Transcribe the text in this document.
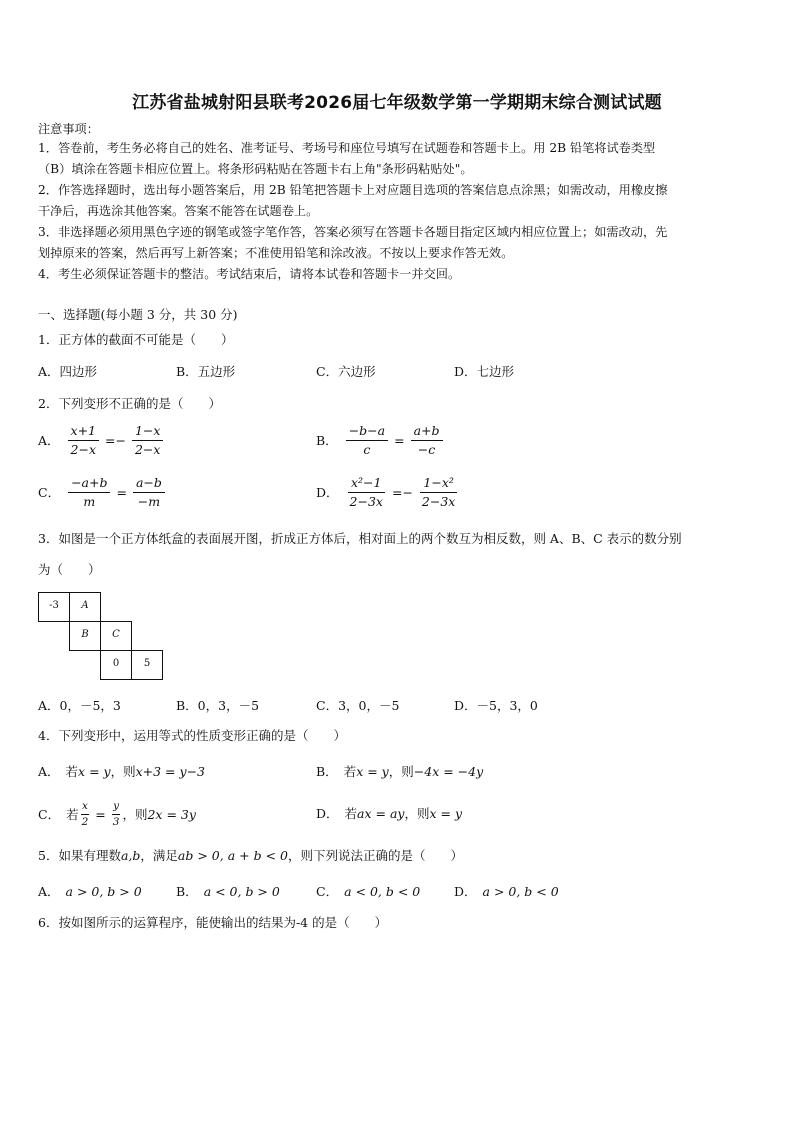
江苏省盐城射阳县联考2026届七年级数学第一学期期末综合测试试题
注意事项：
1．答卷前，考生务必将自己的姓名、准考证号、考场号和座位号填写在试题卷和答题卡上。用 2B 铅笔将试卷类型
（B）填涂在答题卡相应位置上。将条形码粘贴在答题卡右上角"条形码粘贴处"。
2．作答选择题时，选出每小题答案后，用 2B 铅笔把答题卡上对应题目选项的答案信息点涂黑；如需改动，用橡皮擦
干净后，再选涂其他答案。答案不能答在试题卷上。
3．非选择题必须用黑色字迹的钢笔或签字笔作答，答案必须写在答题卡各题目指定区域内相应位置上；如需改动，先
划掉原来的答案，然后再写上新答案；不准使用铅笔和涂改液。不按以上要求作答无效。
4．考生必须保证答题卡的整洁。考试结束后，请将本试卷和答题卡一并交回。
一、选择题(每小题 3 分，共 30 分)
1．正方体的截面不可能是（　　）
A．四边形	B．五边形	C．六边形	D．七边形
2．下列变形不正确的是（　　）
A． $\frac{x+1}{2-x} =- \frac{1-x}{2-x}$	B． $\frac{-b-a}{c} = \frac{a+b}{-c}$
C． $\frac{-a+b}{m} = \frac{a-b}{-m}$	D． $\frac{\text{x²−1}}{2-3x} =- \frac{\text{1−x²}}{2-3x}$
3．如图是一个正方体纸盒的表面展开图，折成正方体后，相对面上的两个数互为相反数，则 A、B、C 表示的数分别
为（　　）
-3 A
B C
0 5
A．0，－5，3	B．0，3，－5	C．3，0，－5	D．－5，3，0
4．下列变形中，运用等式的性质变形正确的是（　　）
A． 若 x = y ，则 x+3 = y−3	B． 若 x = y ，则 −4x = −4y
C． 若 $\frac{x}{2} = \frac{y}{3}$ ，则 2x = 3y	D． 若 ax = ay ，则 x = y
5．如果有理数 a,b ，满足 ab > 0, a + b < 0 ，则下列说法正确的是（　　）
A． a > 0, b > 0	B． a < 0, b > 0	C． a < 0, b < 0	D． a > 0, b < 0
6．按如图所示的运算程序，能使输出的结果为-4 的是（　　）
